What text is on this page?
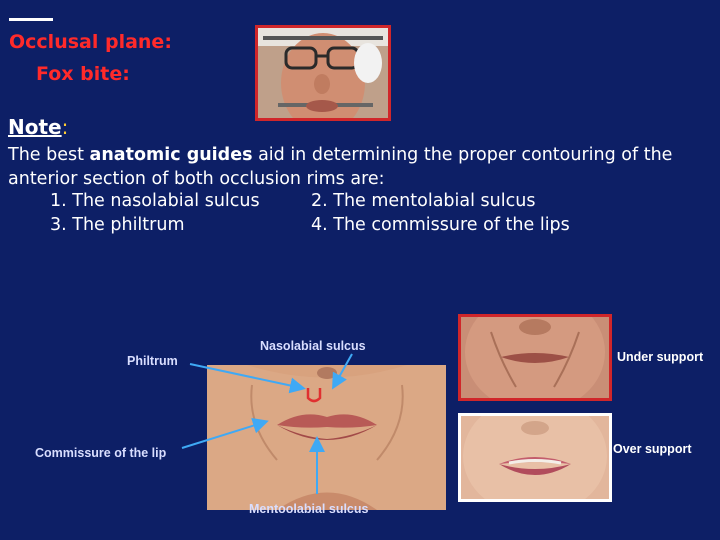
Occlusal plane:
Fox bite:
Note:
The best anatomic guides aid in determining the proper contouring of the anterior section of both occlusion rims are:
1. The nasolabial sulcus	2. The mentolabial sulcus
3. The philtrum	4. The commissure of the lips
Philtrum
Nasolabial sulcus
Commissure of the lip
Mentoolabial sulcus
Under support
Over support
